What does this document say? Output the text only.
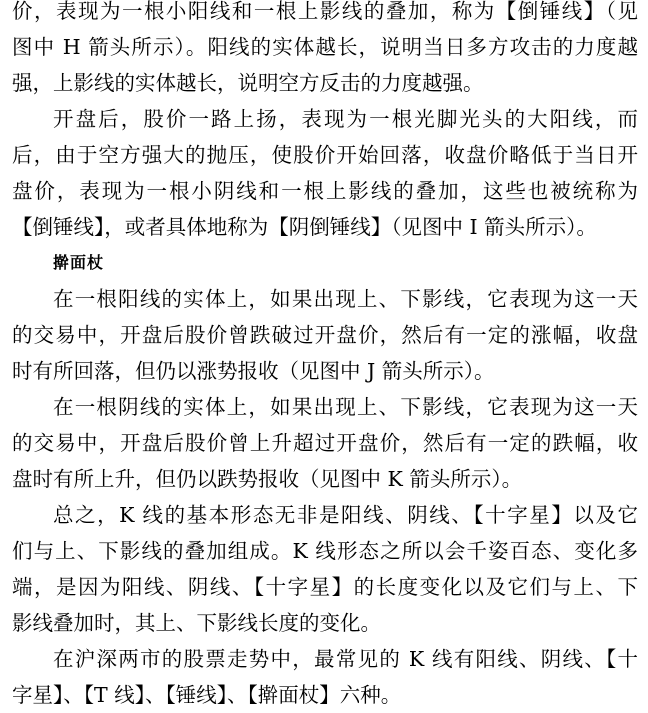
价，表现为一根小阳线和一根上影线的叠加，称为【倒锤线】（见
图中 H 箭头所示）。阳线的实体越长，说明当日多方攻击的力度越
强，上影线的实体越长，说明空方反击的力度越强。
开盘后，股价一路上扬，表现为一根光脚光头的大阳线，而
后，由于空方强大的抛压，使股价开始回落，收盘价略低于当日开
盘价，表现为一根小阴线和一根上影线的叠加，这些也被统称为
【倒锤线】，或者具体地称为【阴倒锤线】（见图中 I 箭头所示）。
擀面杖
在一根阳线的实体上，如果出现上、下影线，它表现为这一天
的交易中，开盘后股价曾跌破过开盘价，然后有一定的涨幅，收盘
时有所回落，但仍以涨势报收（见图中 J 箭头所示）。
在一根阴线的实体上，如果出现上、下影线，它表现为这一天
的交易中，开盘后股价曾上升超过开盘价，然后有一定的跌幅，收
盘时有所上升，但仍以跌势报收（见图中 K 箭头所示）。
总之，K 线的基本形态无非是阳线、阴线、【十字星】以及它
们与上、下影线的叠加组成。K 线形态之所以会千姿百态、变化多
端，是因为阳线、阴线、【十字星】的长度变化以及它们与上、下
影线叠加时，其上、下影线长度的变化。
在沪深两市的股票走势中，最常见的 K 线有阳线、阴线、【十
字星】、【T 线】、【锤线】、【擀面杖】六种。
